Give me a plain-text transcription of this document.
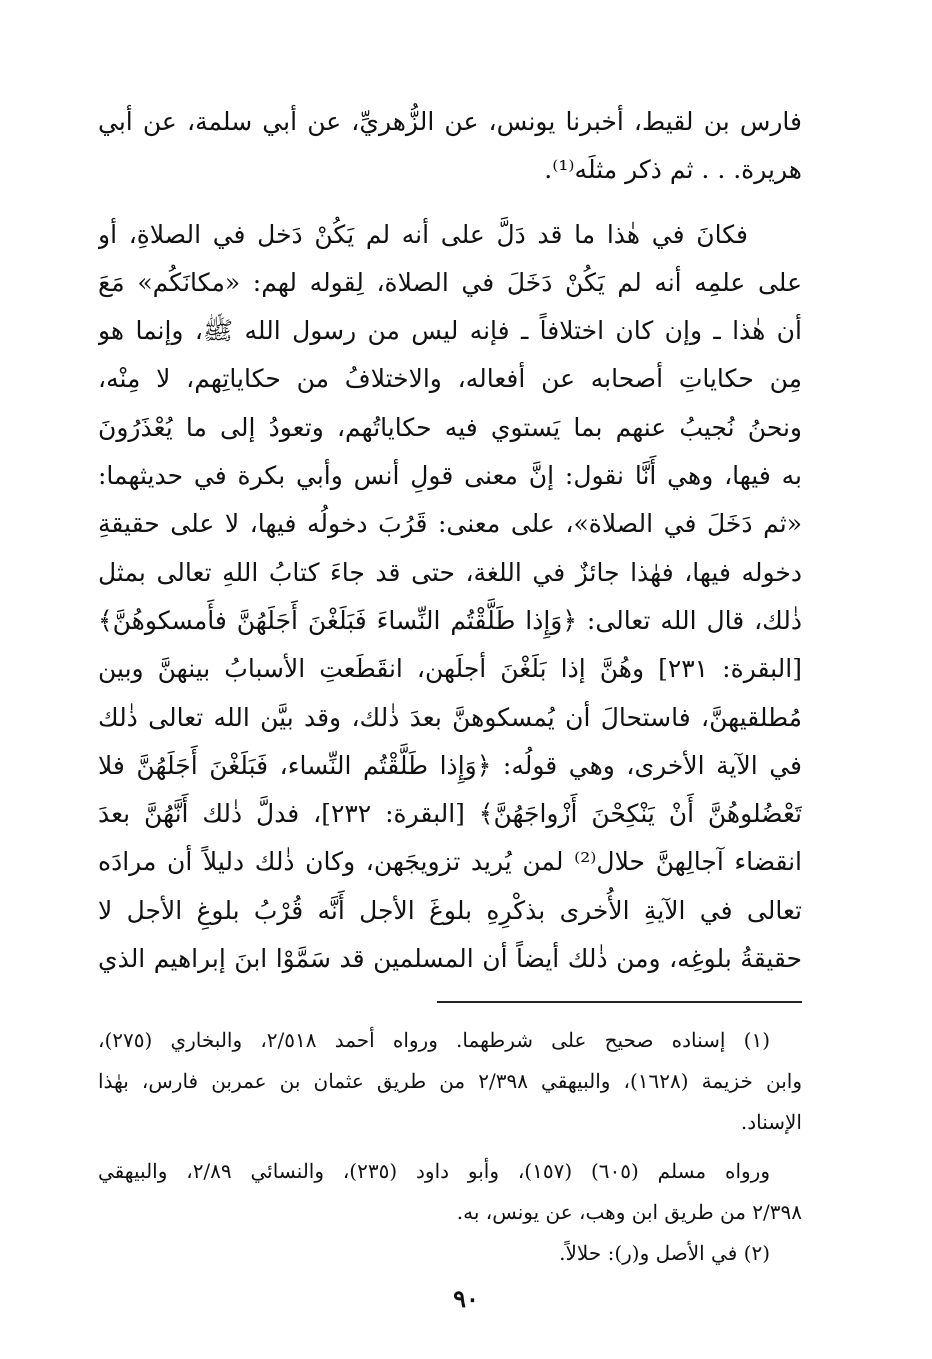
فارس بن لقيط، أخبرنا يونس، عن الزُّهريِّ، عن أبي سلمة، عن أبي
هريرة. . . ثم ذكر مثلَه⁽¹⁾.
فكانَ في هٰذا ما قد دَلَّ على أنه لم يَكُنْ دَخل في الصلاةِ، أو
على علمِه أنه لم يَكُنْ دَخَلَ في الصلاة، لِقوله لهم: «مكانَكُم» مَعَ
أن هٰذا ـ وإن كان اختلافاً ـ فإنه ليس من رسول الله ﷺ، وإنما هو
مِن حكاياتِ أصحابه عن أفعاله، والاختلافُ من حكاياتِهم، لا مِنْه،
ونحنُ نُجيبُ عنهم بما يَستوي فيه حكاياتُهم، وتعودُ إلى ما يُعْذَرُونَ
به فيها، وهي أَنَّا نقول: إنَّ معنى قولِ أنس وأبي بكرة في حديثهما:
«ثم دَخَلَ في الصلاة»، على معنى: قَرُبَ دخولُه فيها، لا على حقيقةِ
دخوله فيها، فهٰذا جائزٌ في اللغة، حتى قد جاءَ كتابُ اللهِ تعالى بمثل
ذٰلك، قال الله تعالى: ﴿وَإِذا طَلَّقْتُم النِّساءَ فَبَلَغْنَ أَجَلَهُنَّ فأَمسكوهُنَّ﴾
[البقرة: ٢٣١] وهُنَّ إذا بَلَغْنَ أجلَهن، انقَطَعتِ الأسبابُ بينهنَّ وبين
مُطلقيهنَّ، فاستحالَ أن يُمسكوهنَّ بعدَ ذٰلك، وقد بيَّن الله تعالى ذٰلك
في الآية الأخرى، وهي قولُه: ﴿وَإِذا طَلَّقْتُم النِّساء، فَبَلَغْنَ أَجَلَهُنَّ فلا
تَعْضُلوهُنَّ أَنْ يَنْكِحْنَ أَزْواجَهُنَّ﴾ [البقرة: ٢٣٢]، فدلَّ ذٰلك أَنَّهُنَّ بعدَ
انقضاء آجالِهنَّ حلال⁽²⁾ لمن يُريد تزويجَهن، وكان ذٰلك دليلاً أن مرادَه
تعالى في الآيةِ الأُخرى بذكْرِهِ بلوغَ الأجل أَنَّه قُرْبُ بلوغِ الأجل لا
حقيقةُ بلوغِه، ومن ذٰلك أيضاً أن المسلمين قد سَمَّوْا ابنَ إبراهيم الذي
(١) إسناده صحيح على شرطهما. ورواه أحمد ٢/٥١٨، والبخاري (٢٧٥)،
وابن خزيمة (١٦٢٨)، والبيهقي ٢/٣٩٨ من طريق عثمان بن عمربن فارس، بهٰذا
الإسناد.
ورواه مسلم (٦٠٥) (١٥٧)، وأبو داود (٢٣٥)، والنسائي ٢/٨٩، والبيهقي
٢/٣٩٨ من طريق ابن وهب، عن يونس، به.
(٢) في الأصل و(ر): حلالاً.
٩٠
